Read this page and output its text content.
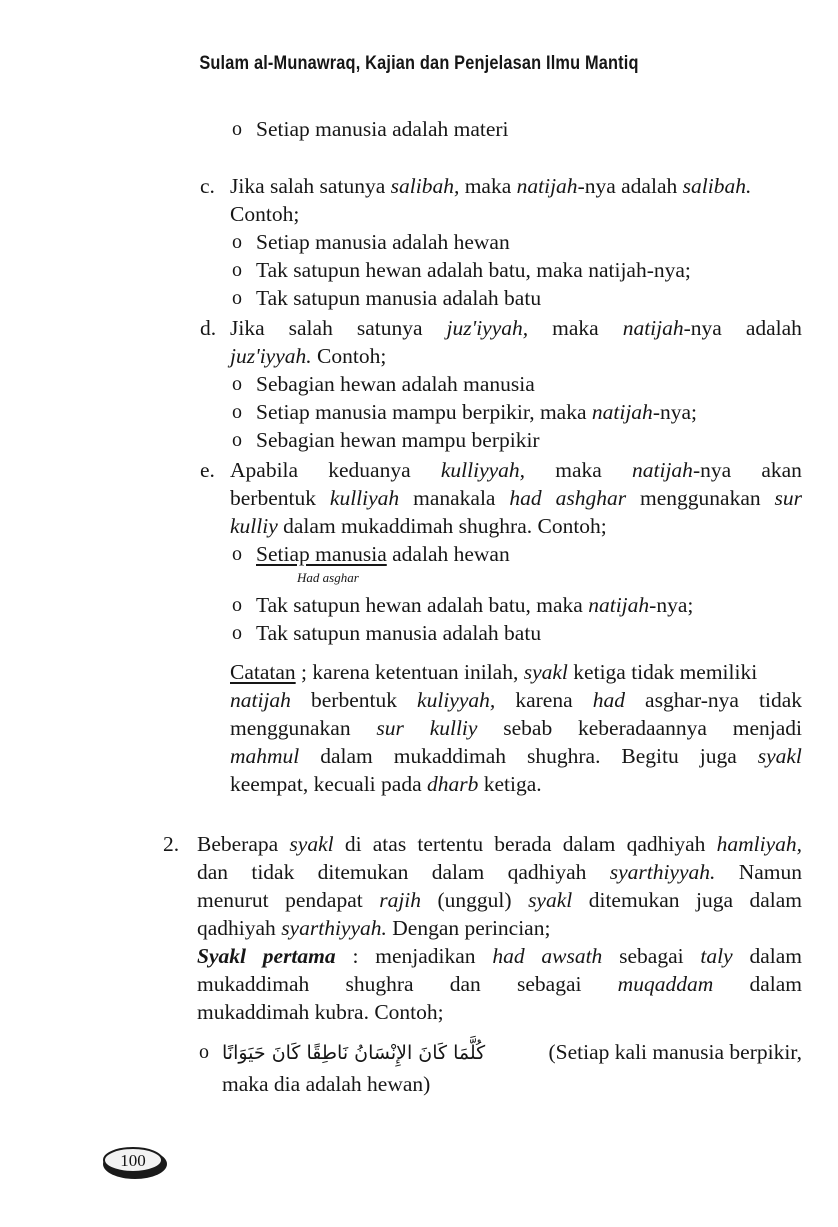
Sulam al-Munawraq, Kajian dan Penjelasan Ilmu Mantiq
o Setiap manusia adalah materi
c. Jika salah satunya salibah, maka natijah-nya adalah salibah.
Contoh;
o Setiap manusia adalah hewan
o Tak satupun hewan adalah batu, maka natijah-nya;
o Tak satupun manusia adalah batu
d. Jika salah satunya juz'iyyah, maka natijah-nya adalah
juz'iyyah. Contoh;
o Sebagian hewan adalah manusia
o Setiap manusia mampu berpikir, maka natijah-nya;
o Sebagian hewan mampu berpikir
e. Apabila keduanya kulliyyah, maka natijah-nya akan
berbentuk kulliyah manakala had ashghar menggunakan sur
kulliy dalam mukaddimah shughra. Contoh;
o Setiap manusia adalah hewan
Had asghar
o Tak satupun hewan adalah batu, maka natijah-nya;
o Tak satupun manusia adalah batu
Catatan ; karena ketentuan inilah, syakl ketiga tidak memiliki
natijah berbentuk kuliyyah, karena had asghar-nya tidak
menggunakan sur kulliy sebab keberadaannya menjadi
mahmul dalam mukaddimah shughra. Begitu juga syakl
keempat, kecuali pada dharb ketiga.
2. Beberapa syakl di atas tertentu berada dalam qadhiyah hamliyah,
dan tidak ditemukan dalam qadhiyah syarthiyyah. Namun
menurut pendapat rajih (unggul) syakl ditemukan juga dalam
qadhiyah syarthiyyah. Dengan perincian;
Syakl pertama : menjadikan had awsath sebagai taly dalam
mukaddimah shughra dan sebagai muqaddam dalam
mukaddimah kubra. Contoh;
o كُلَّمَا كَانَ الإِنْسَانُ نَاطِقًا كَانَ حَيَوَانًا	(Setiap kali manusia berpikir,
maka dia adalah hewan)
100
